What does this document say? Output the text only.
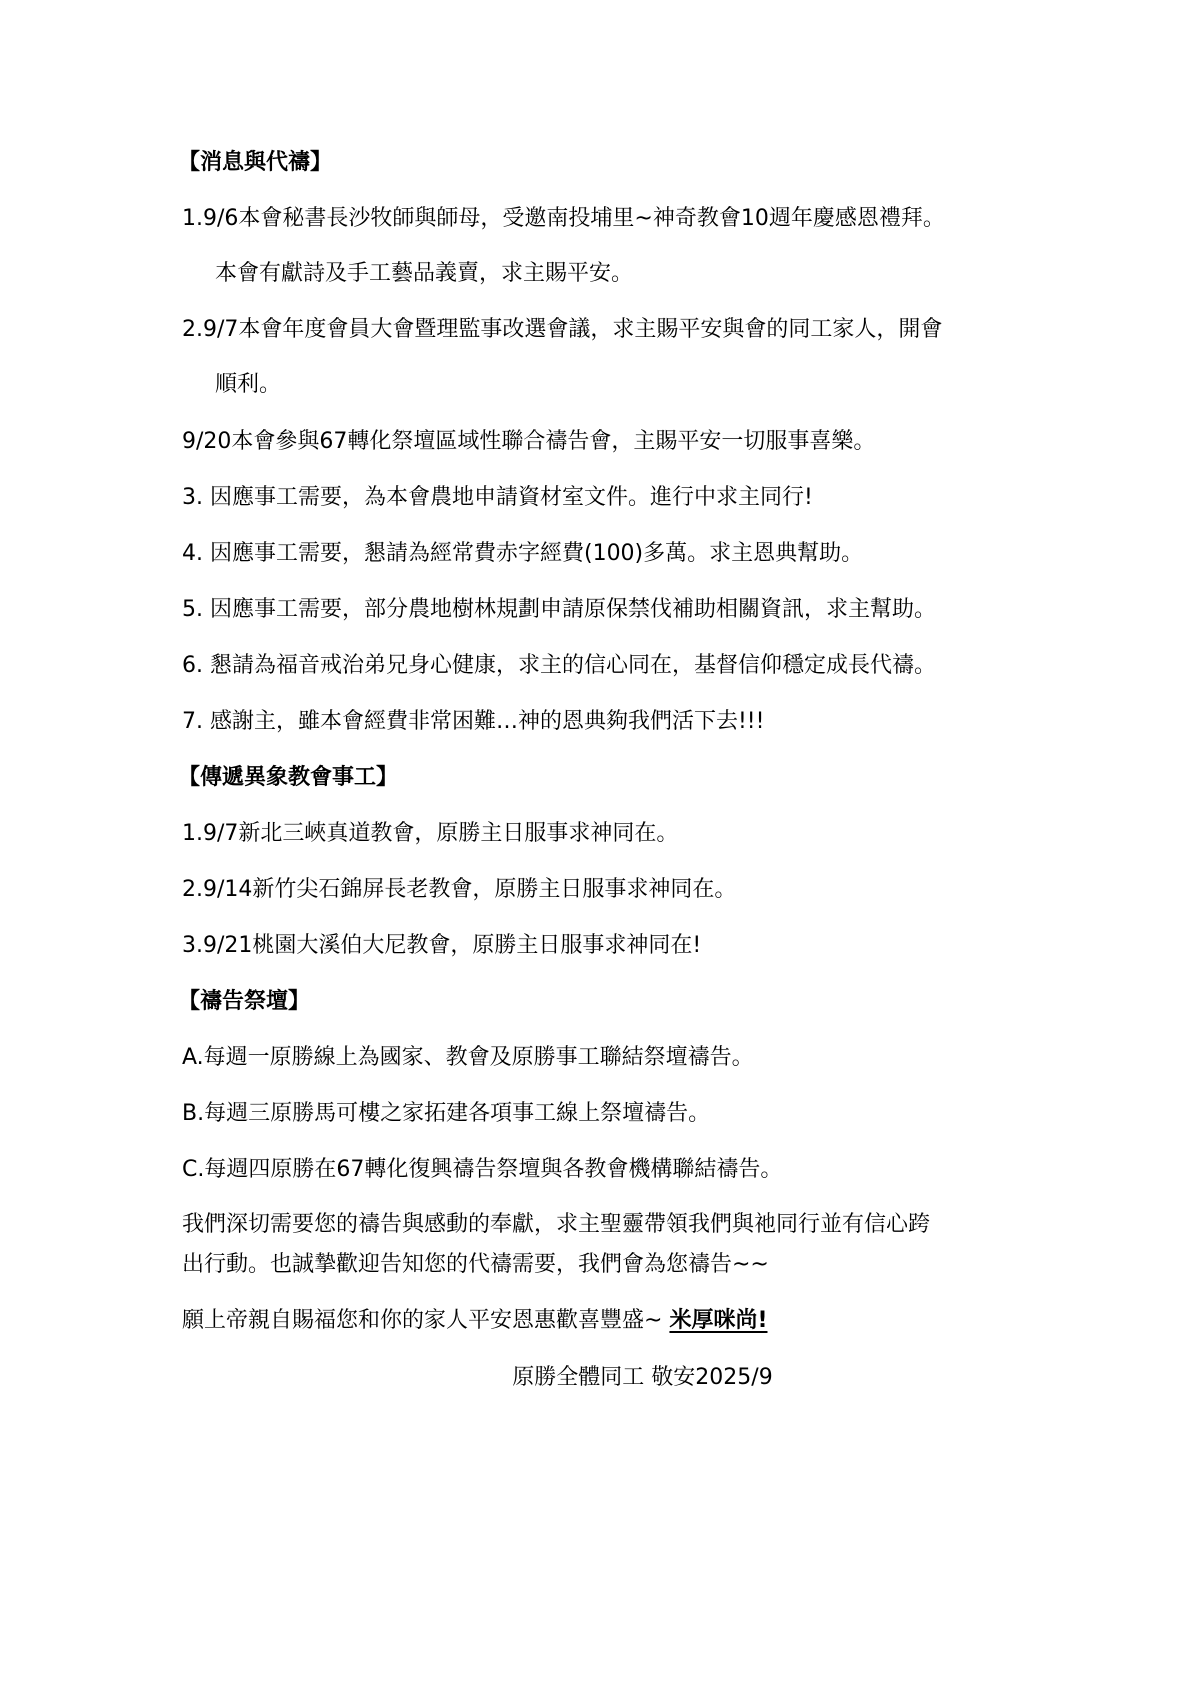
【消息與代禱】
1.9/6本會秘書長沙牧師與師母，受邀南投埔里~神奇教會10週年慶感恩禮拜。
本會有獻詩及手工藝品義賣，求主賜平安。
2.9/7本會年度會員大會暨理監事改選會議，求主賜平安與會的同工家人，開會
順利。
9/20本會參與67轉化祭壇區域性聯合禱告會，主賜平安一切服事喜樂。
3. 因應事工需要，為本會農地申請資材室文件。進行中求主同行!
4. 因應事工需要，懇請為經常費赤字經費(100)多萬。求主恩典幫助。
5. 因應事工需要，部分農地樹林規劃申請原保禁伐補助相關資訊，求主幫助。
6. 懇請為福音戒治弟兄身心健康，求主的信心同在，基督信仰穩定成長代禱。
7. 感謝主，雖本會經費非常困難…神的恩典夠我們活下去!!!
【傳遞異象教會事工】
1.9/7新北三峽真道教會，原勝主日服事求神同在。
2.9/14新竹尖石錦屏長老教會，原勝主日服事求神同在。
3.9/21桃園大溪伯大尼教會，原勝主日服事求神同在!
【禱告祭壇】
A.每週一原勝線上為國家、教會及原勝事工聯結祭壇禱告。
B.每週三原勝馬可樓之家拓建各項事工線上祭壇禱告。
C.每週四原勝在67轉化復興禱告祭壇與各教會機構聯結禱告。
我們深切需要您的禱告與感動的奉獻，求主聖靈帶領我們與祂同行並有信心跨
出行動。也誠摯歡迎告知您的代禱需要，我們會為您禱告~~
願上帝親自賜福您和你的家人平安恩惠歡喜豐盛~ 米厚咪尚!
原勝全體同工 敬安2025/9
